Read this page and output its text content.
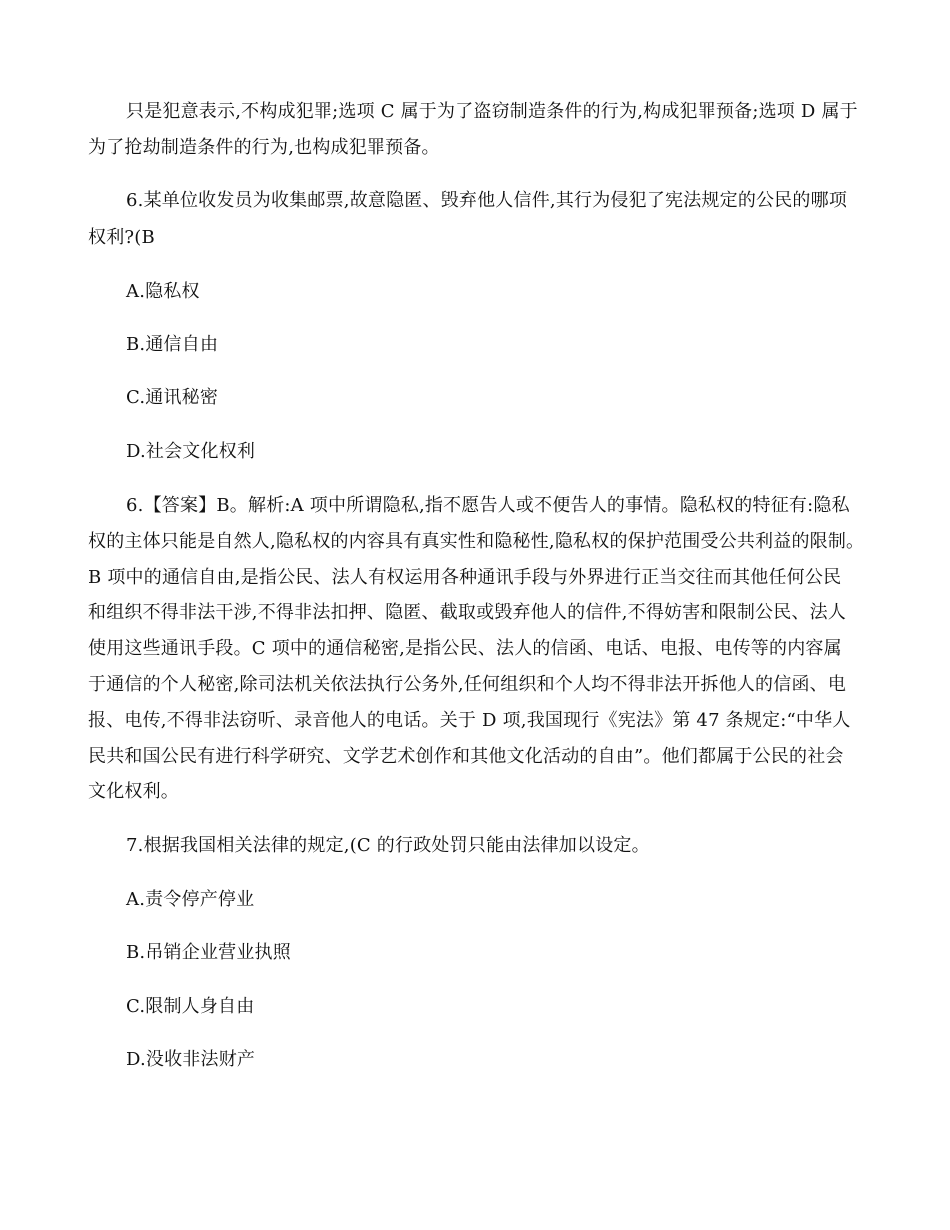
只是犯意表示,不构成犯罪;选项 C 属于为了盗窃制造条件的行为,构成犯罪预备;选项 D 属于
为了抢劫制造条件的行为,也构成犯罪预备。
6.某单位收发员为收集邮票,故意隐匿、毁弃他人信件,其行为侵犯了宪法规定的公民的哪项
权利?(B
A.隐私权
B.通信自由
C.通讯秘密
D.社会文化权利
6.【答案】B。解析:A 项中所谓隐私,指不愿告人或不便告人的事情。隐私权的特征有:隐私
权的主体只能是自然人,隐私权的内容具有真实性和隐秘性,隐私权的保护范围受公共利益的限制。
B 项中的通信自由,是指公民、法人有权运用各种通讯手段与外界进行正当交往而其他任何公民
和组织不得非法干涉,不得非法扣押、隐匿、截取或毁弃他人的信件,不得妨害和限制公民、法人
使用这些通讯手段。C 项中的通信秘密,是指公民、法人的信函、电话、电报、电传等的内容属
于通信的个人秘密,除司法机关依法执行公务外,任何组织和个人均不得非法开拆他人的信函、电
报、电传,不得非法窃听、录音他人的电话。关于 D 项,我国现行《宪法》第 47 条规定:“中华人
民共和国公民有进行科学研究、文学艺术创作和其他文化活动的自由”。他们都属于公民的社会
文化权利。
7.根据我国相关法律的规定,(C 的行政处罚只能由法律加以设定。
A.责令停产停业
B.吊销企业营业执照
C.限制人身自由
D.没收非法财产
